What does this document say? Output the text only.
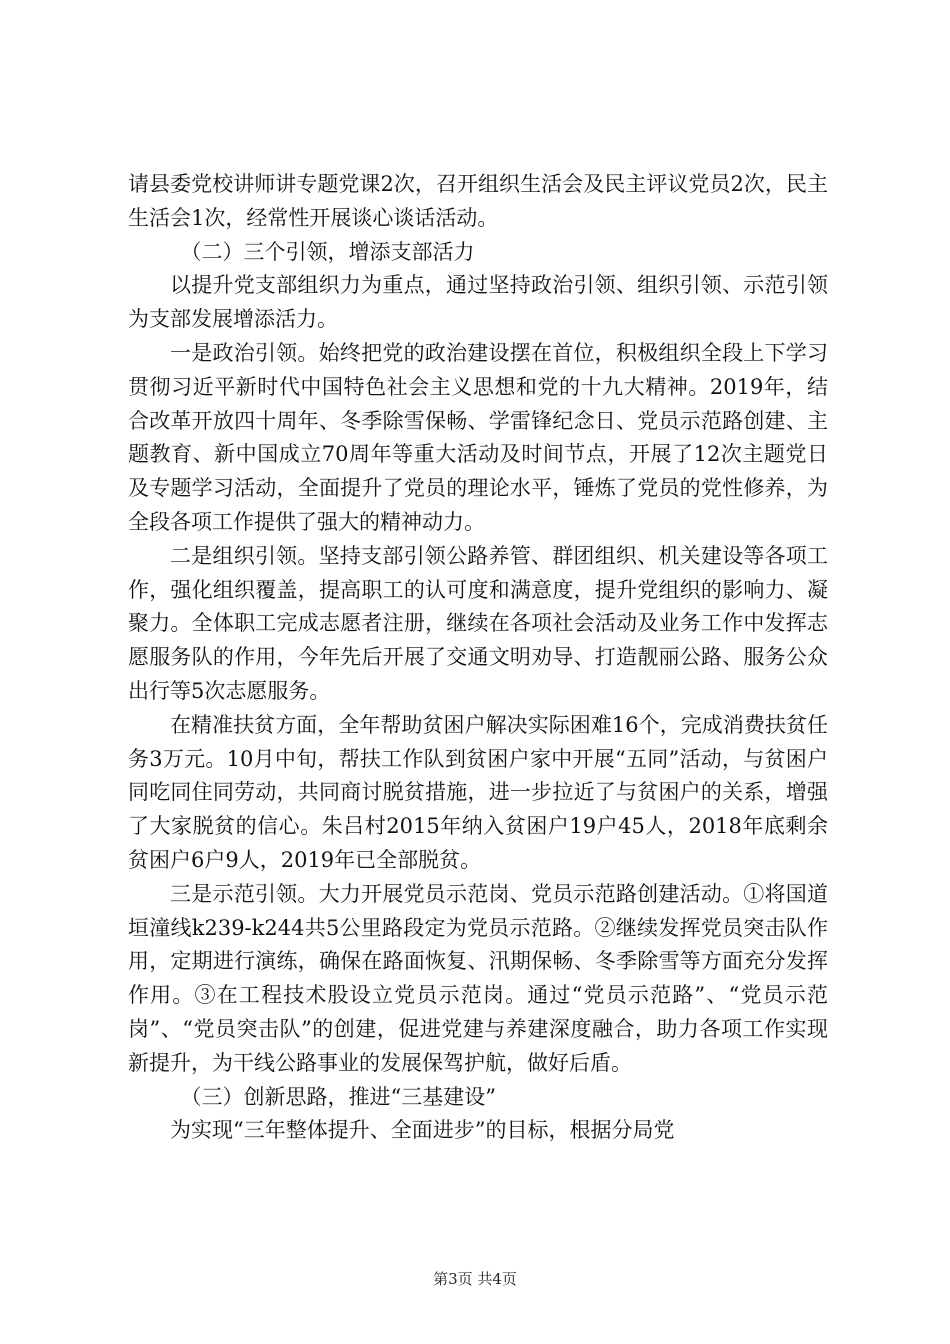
请县委党校讲师讲专题党课2次，召开组织生活会及民主评议党员2次，民主生活会1次，经常性开展谈心谈话活动。

（二）三个引领，增添支部活力

以提升党支部组织力为重点，通过坚持政治引领、组织引领、示范引领为支部发展增添活力。

一是政治引领。始终把党的政治建设摆在首位，积极组织全段上下学习贯彻习近平新时代中国特色社会主义思想和党的十九大精神。2019年，结合改革开放四十周年、冬季除雪保畅、学雷锋纪念日、党员示范路创建、主题教育、新中国成立70周年等重大活动及时间节点，开展了12次主题党日及专题学习活动，全面提升了党员的理论水平，锤炼了党员的党性修养，为全段各项工作提供了强大的精神动力。

二是组织引领。坚持支部引领公路养管、群团组织、机关建设等各项工作，强化组织覆盖，提高职工的认可度和满意度，提升党组织的影响力、凝聚力。全体职工完成志愿者注册，继续在各项社会活动及业务工作中发挥志愿服务队的作用，今年先后开展了交通文明劝导、打造靓丽公路、服务公众出行等5次志愿服务。

在精准扶贫方面，全年帮助贫困户解决实际困难16个，完成消费扶贫任务3万元。10月中旬，帮扶工作队到贫困户家中开展“五同”活动，与贫困户同吃同住同劳动，共同商讨脱贫措施，进一步拉近了与贫困户的关系，增强了大家脱贫的信心。朱吕村2015年纳入贫困户19户45人，2018年底剩余贫困户6户9人，2019年已全部脱贫。

三是示范引领。大力开展党员示范岗、党员示范路创建活动。①将国道垣潼线k239-k244共5公里路段定为党员示范路。②继续发挥党员突击队作用，定期进行演练，确保在路面恢复、汛期保畅、冬季除雪等方面充分发挥作用。③在工程技术股设立党员示范岗。通过“党员示范路”、“党员示范岗”、“党员突击队”的创建，促进党建与养建深度融合，助力各项工作实现新提升，为干线公路事业的发展保驾护航，做好后盾。

（三）创新思路，推进“三基建设”

为实现“三年整体提升、全面进步”的目标，根据分局党

第3页 共4页
